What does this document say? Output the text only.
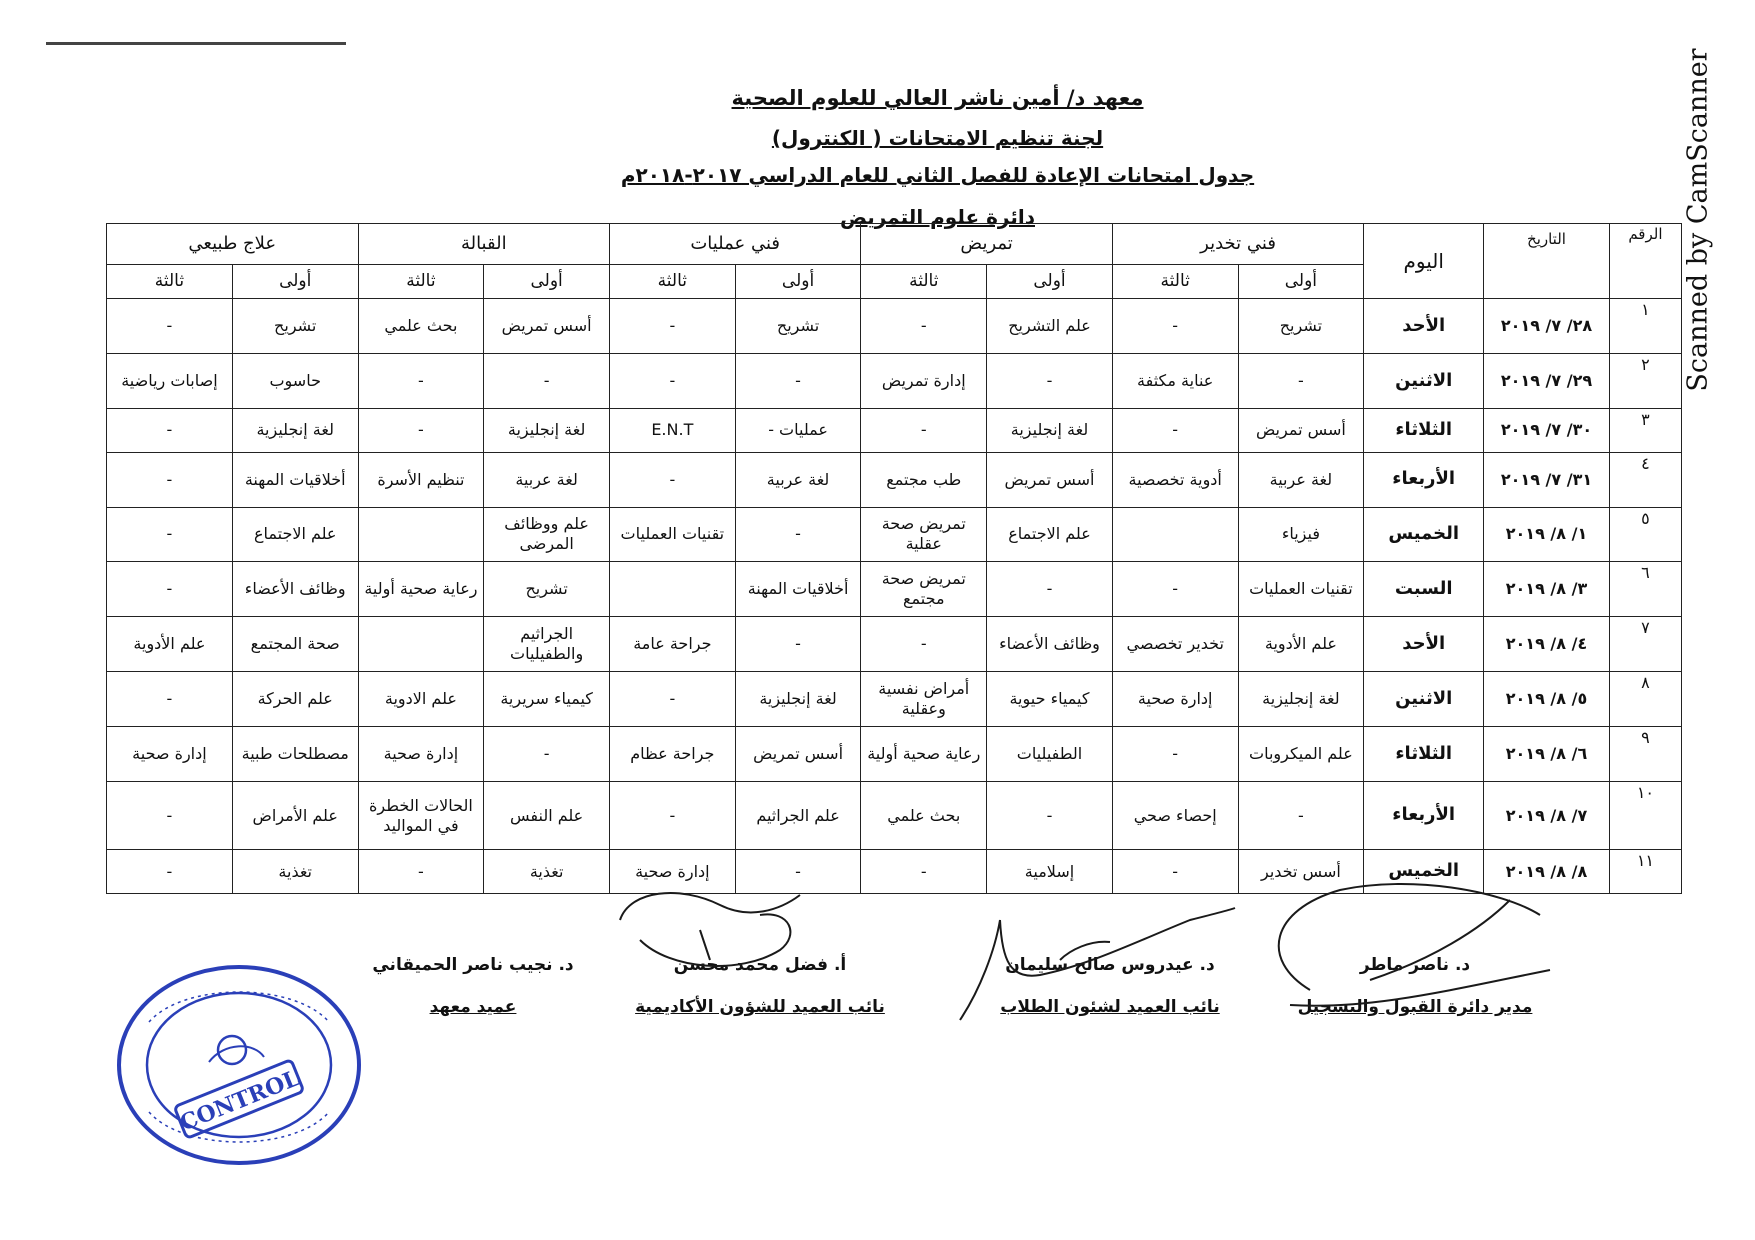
معهد د/ أمين ناشر العالي للعلوم الصحية
لجنة تنظيم الامتحانات ( الكنترول)
جدول امتحانات الإعادة للفصل الثاني للعام الدراسي ٢٠١٧-٢٠١٨م
دائرة علوم التمريض	Scanned by CamScanner
الرقم	التاريخ	اليوم	فني تخدير		تمريض		فني عمليات		القبالة		علاج طبيعي	
			أولى	ثالثة	أولى	ثالثة	أولى	ثالثة	أولى	ثالثة	أولى	ثالثة
١	٢٨/ ٧/ ٢٠١٩	الأحد	تشريح	-	علم التشريح	-	تشريح	-	أسس تمريض	بحث علمي	تشريح	-
٢	٢٩/ ٧/ ٢٠١٩	الاثنين	-	عناية مكثفة	-	إدارة تمريض	-	-	-	-	حاسوب	إصابات رياضية
٣	٣٠/ ٧/ ٢٠١٩	الثلاثاء	أسس تمريض	-	لغة إنجليزية	-	عمليات -	E.N.T	لغة إنجليزية	-	لغة إنجليزية	-
٤	٣١/ ٧/ ٢٠١٩	الأربعاء	لغة عربية	أدوية تخصصية	أسس تمريض	طب مجتمع	لغة عربية	-	لغة عربية	تنظيم الأسرة	أخلاقيات المهنة	-
٥	١/ ٨/ ٢٠١٩	الخميس	فيزياء		علم الاجتماع	تمريض صحة عقلية	-	تقنيات العمليات	علم ووظائف المرضى		علم الاجتماع	-
٦	٣/ ٨/ ٢٠١٩	السبت	تقنيات العمليات	-	-	تمريض صحة مجتمع	أخلاقيات المهنة		تشريح	رعاية صحية أولية	وظائف الأعضاء	-
٧	٤/ ٨/ ٢٠١٩	الأحد	علم الأدوية	تخدير تخصصي	وظائف الأعضاء	-	-	جراحة عامة	الجراثيم والطفيليات		صحة المجتمع	علم الأدوية
٨	٥/ ٨/ ٢٠١٩	الاثنين	لغة إنجليزية	إدارة صحية	كيمياء حيوية	أمراض نفسية وعقلية	لغة إنجليزية	-	كيمياء سريرية	علم الادوية	علم الحركة	-
٩	٦/ ٨/ ٢٠١٩	الثلاثاء	علم الميكروبات	-	الطفيليات	رعاية صحية أولية	أسس تمريض	جراحة عظام	-	إدارة صحية	مصطلحات طبية	إدارة صحية
١٠	٧/ ٨/ ٢٠١٩	الأربعاء	-	إحصاء صحي	-	بحث علمي	علم الجراثيم	-	علم النفس	الحالات الخطرة في المواليد	علم الأمراض	-
١١	٨/ ٨/ ٢٠١٩	الخميس	أسس تخدير	-	إسلامية	-	-	إدارة صحية	تغذية	-	تغذية	-
د. ناصر ماطر
مدير دائرة القبول والتسجيل
د. عيدروس صالح سليمان
نائب العميد لشئون الطلاب
أ. فضل محمد محسن
نائب العميد للشؤون الأكاديمية
د. نجيب ناصر الحميقاني
عميد معهد
CONTROL
